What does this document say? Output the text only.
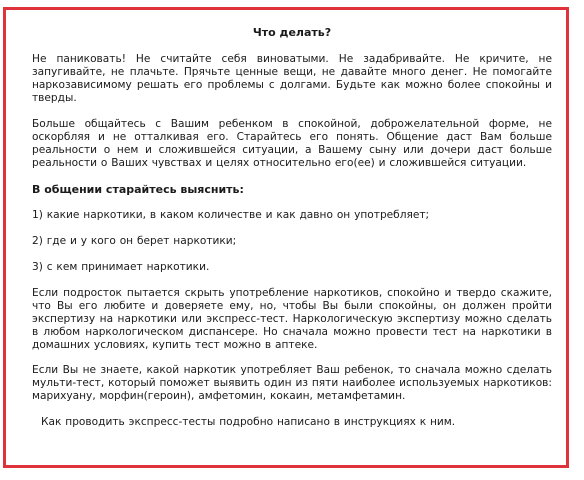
Что делать?

Не паниковать! Не считайте себя виноватыми. Не задабривайте. Не кричите, не запугивайте, не плачьте. Прячьте ценные вещи, не давайте много денег. Не помогайте наркозависимому решать его проблемы с долгами. Будьте как можно более спокойны и тверды.

Больше общайтесь с Вашим ребенком в спокойной, доброжелательной форме, не оскорбляя и не отталкивая его. Старайтесь его понять. Общение даст Вам больше реальности о нем и сложившейся ситуации, а Вашему сыну или дочери даст больше реальности о Ваших чувствах и целях относительно его(ее) и сложившейся ситуации.

В общении старайтесь выяснить:

1) какие наркотики, в каком количестве и как давно он употребляет;

2) где и у кого он берет наркотики;

3) с кем принимает наркотики.

Если подросток пытается скрыть употребление наркотиков, спокойно и твердо скажите, что Вы его любите и доверяете ему, но, чтобы Вы были спокойны, он должен пройти экспертизу на наркотики или экспресс-тест. Наркологическую экспертизу можно сделать в любом наркологическом диспансере. Но сначала можно провести тест на наркотики в домашних условиях, купить тест можно в аптеке.

Если Вы не знаете, какой наркотик употребляет Ваш ребенок, то сначала можно сделать мульти-тест, который поможет выявить один из пяти наиболее используемых наркотиков: марихуану, морфин(героин), амфетомин, кокаин, метамфетамин.

Как проводить экспресс-тесты подробно написано в инструкциях к ним.
